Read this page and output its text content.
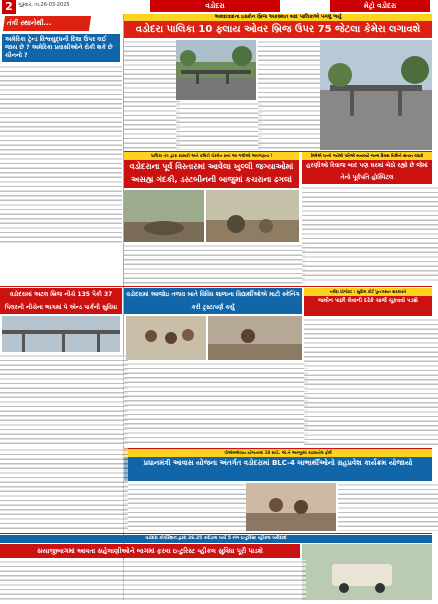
2	ગુરૂવાર, તા.26-03-2025	વડોદરા	મેટ્રો વડોદરા
તંત્રી સ્થાનેથી...
અમેરિકા ટ્રેન્ડ વિશ્વયુદ્ધની દિશા ઉપર લઈ જાય છે ? અમેરિકા પ્રવાસીઓને રોકી શકે છે ચીનનો ?
અમદાવાદના ઇસ્કોન બ્રિજ અકસ્માત બાદ પાલિકાએ પગલું ભર્યું
વડોદરા પાલિકા 10 ફ્લાય ઓવર બ્રિજ ઉપર 75 જેટલા કેમેરા લગાવશે
પાલિકા તંત્ર દ્વારા શાસકો અને કમિટી ચેરમેન છતાં આ ગલીઓ અવગણના !
વડોદરાના પૂર્વ વિસ્તારમાં આવેલા ખુલ્લી જગ્યાઓમાં અસહ્ય ગંદકી, ડસ્ટબીનની બાજુમાં કચરાના ઢગલાં
રેલ્વેએ પત્ની ગયેલી પતિએ બનાવ્યો જન્મ દિવસ નિમિત્તે સંતાન વધારી
હરણીઓ રિવાજ બાદ પણ ઘરમાં બેઠો રહ્યો છે જેમાં તેનો પૂર્વપતિ હોસ્પિટલ
વડોદરામાં અટલ બ્રિજ નીચે 135 પૈકી 37 પિલરની નીચેના ભાગમાં પે એન્ડ પાર્કની સુવિધા
વડોદરામાં આજોઇ તળાવ ખાતે વિવિધ શાળાના વિદ્યાર્થીઓએ માટી સ્કેનિંગ કરી ટ્રસ્ટાપર્ણ કર્યું
નર્મદા પ્રોજેક્ટ : સુપ્રિમ કોર્ટ પુનઃવસન સરકારને
જમીન પાછી લેવાની દરેકે ચાર્જ ચૂકવવો પડશે
પીએમએવાય યોજનામાં 18 સપ્ટે. એ.ને અરજીમાં કઢાવાયેલ ફોર્મ
પ્રધાનમંત્રી આવાસ યોજના અંતર્ગત વડોદરામાં BLC-4 લાભાર્થીઓનો ગ્રહપ્રવેશ કાર્યક્રમ યોજાયો
વડોદરા કોર્પોરેશન દ્વારા 26.25 કરોડના ખર્ચે 5 નંગ ઇ-ટુરિસ્ટ વ્હીકલ ખરીદાશે
સયાજીબાગમાં આવતા સહેલાણીઓને બાગમાં ફરવા ઇ-ટુરિસ્ટ વ્હીકલ સુવિધા પૂરી પાડશે
